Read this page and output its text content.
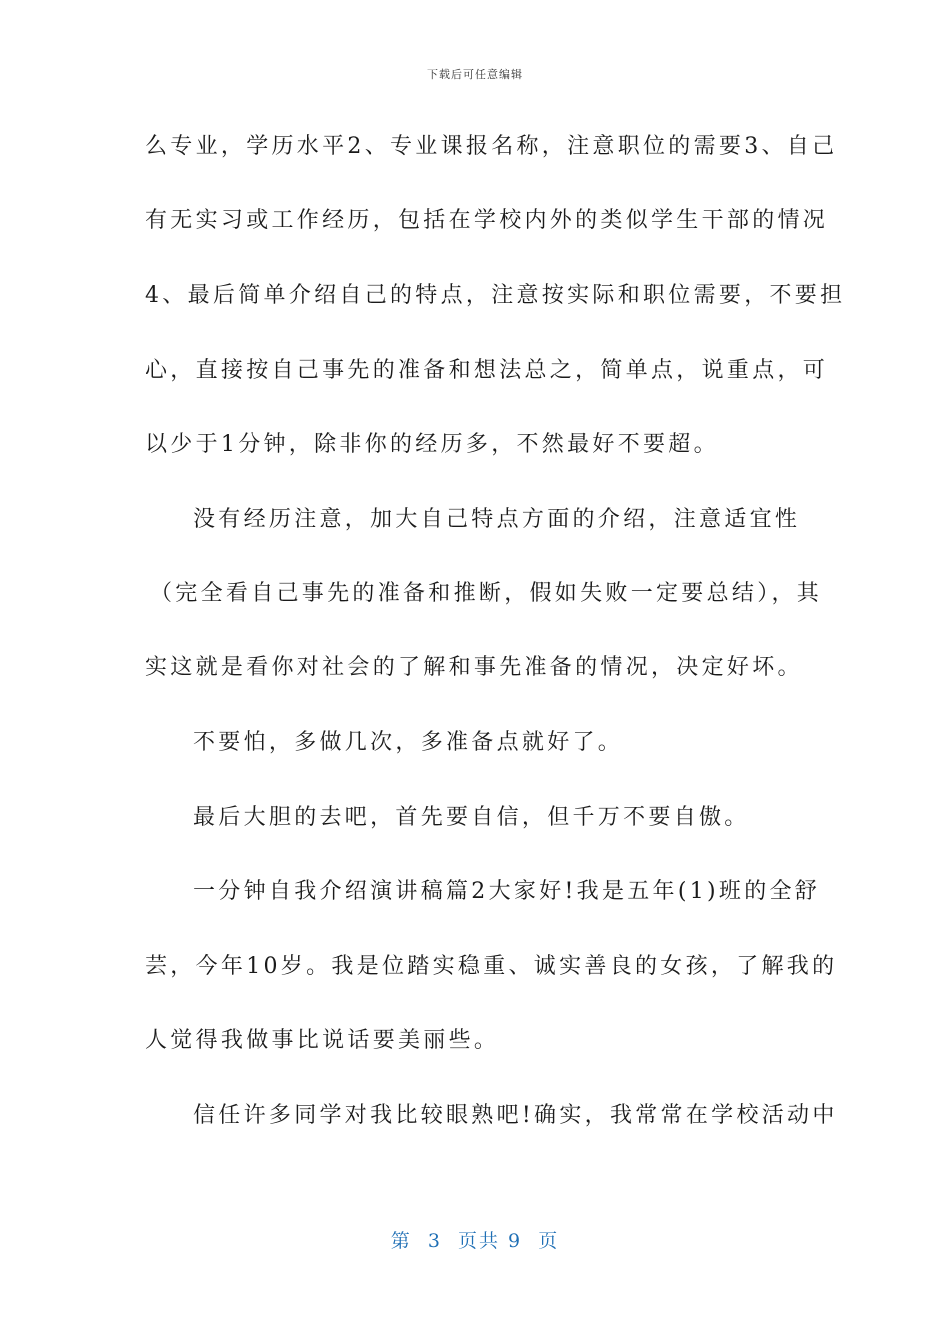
下载后可任意编辑
么专业，学历水平2、专业课报名称，注意职位的需要3、自己
有无实习或工作经历，包括在学校内外的类似学生干部的情况
4、最后简单介绍自己的特点，注意按实际和职位需要，不要担
心，直接按自己事先的准备和想法总之，简单点，说重点，可
以少于1分钟，除非你的经历多，不然最好不要超。
没有经历注意，加大自己特点方面的介绍，注意适宜性
（完全看自己事先的准备和推断，假如失败一定要总结），其
实这就是看你对社会的了解和事先准备的情况，决定好坏。
不要怕，多做几次，多准备点就好了。
最后大胆的去吧，首先要自信，但千万不要自傲。
一分钟自我介绍演讲稿篇2大家好!我是五年(1)班的全舒
芸，今年10岁。我是位踏实稳重、诚实善良的女孩，了解我的
人觉得我做事比说话要美丽些。
信任许多同学对我比较眼熟吧!确实，我常常在学校活动中
第  3  页共 9  页
